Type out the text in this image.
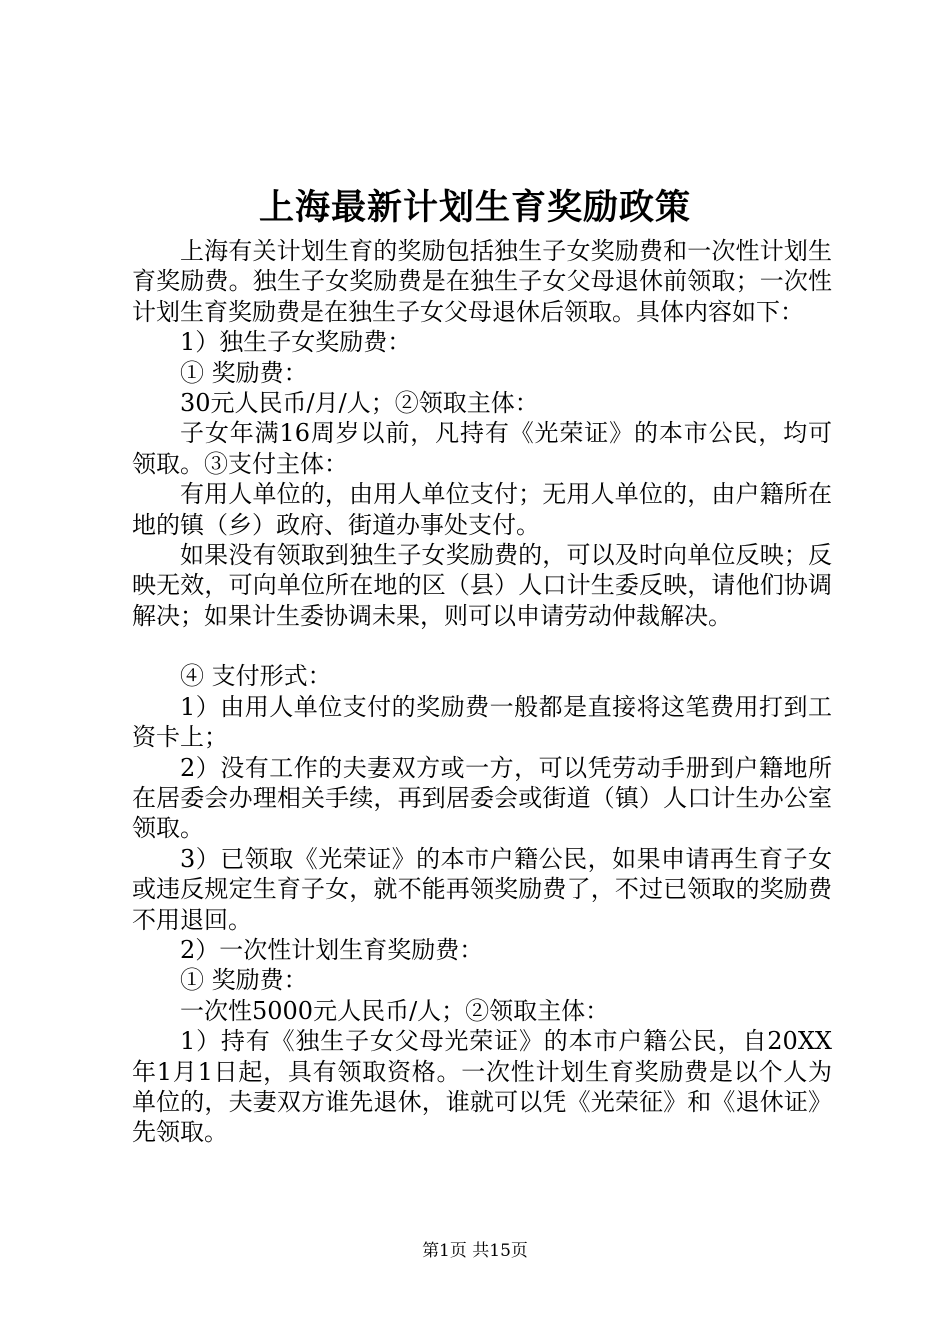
上海最新计划生育奖励政策

上海有关计划生育的奖励包括独生子女奖励费和一次性计划生育奖励费。独生子女奖励费是在独生子女父母退休前领取；一次性计划生育奖励费是在独生子女父母退休后领取。具体内容如下：

1）独生子女奖励费：

① 奖励费：

30元人民币/月/人；②领取主体：

子女年满16周岁以前，凡持有《光荣证》的本市公民，均可领取。③支付主体：

有用人单位的，由用人单位支付；无用人单位的，由户籍所在地的镇（乡）政府、街道办事处支付。

如果没有领取到独生子女奖励费的，可以及时向单位反映；反映无效，可向单位所在地的区（县）人口计生委反映，请他们协调解决；如果计生委协调未果，则可以申请劳动仲裁解决。

④ 支付形式：

1）由用人单位支付的奖励费一般都是直接将这笔费用打到工资卡上；

2）没有工作的夫妻双方或一方，可以凭劳动手册到户籍地所在居委会办理相关手续，再到居委会或街道（镇）人口计生办公室领取。

3）已领取《光荣证》的本市户籍公民，如果申请再生育子女或违反规定生育子女，就不能再领奖励费了，不过已领取的奖励费不用退回。

2）一次性计划生育奖励费：

① 奖励费：

一次性5000元人民币/人；②领取主体：

1）持有《独生子女父母光荣证》的本市户籍公民，自20XX年1月1日起，具有领取资格。一次性计划生育奖励费是以个人为单位的，夫妻双方谁先退休，谁就可以凭《光荣征》和《退休证》先领取。

第1页 共15页
